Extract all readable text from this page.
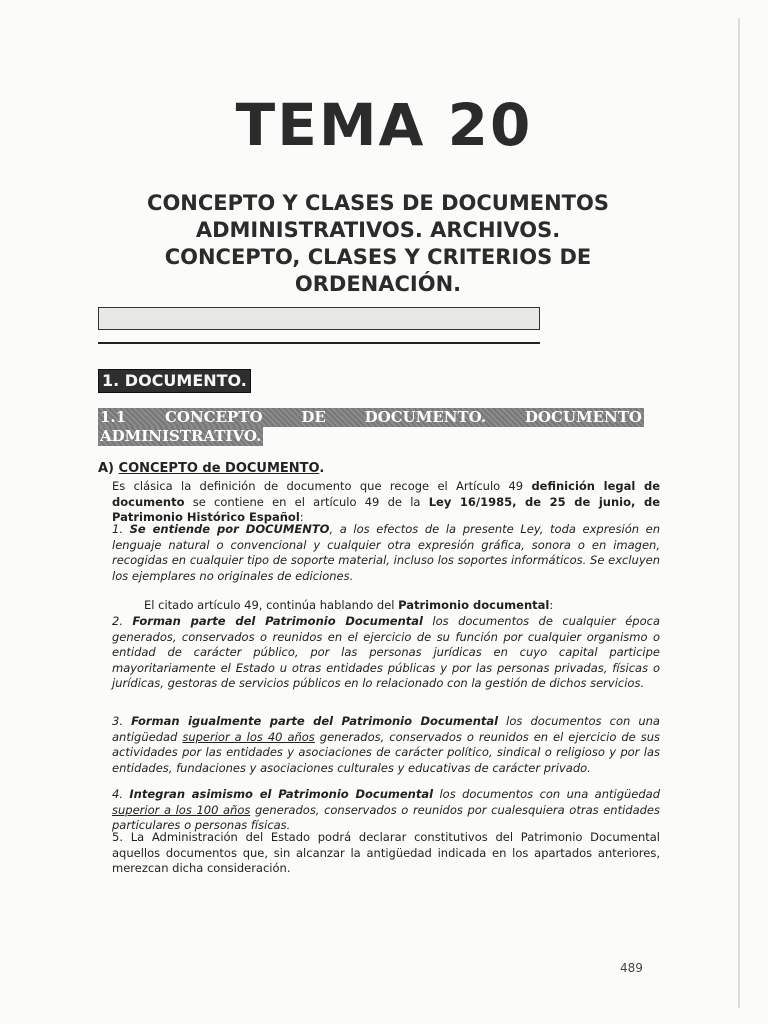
TEMA 20
CONCEPTO Y CLASES DE DOCUMENTOS
ADMINISTRATIVOS. ARCHIVOS.
CONCEPTO, CLASES Y CRITERIOS DE
ORDENACIÓN.
1. DOCUMENTO.
1.1	CONCEPTO	DE	DOCUMENTO.	DOCUMENTO
ADMINISTRATIVO.
A) CONCEPTO de DOCUMENTO.
Es clásica la definición de documento que recoge el Artículo 49 definición legal de documento se contiene en el artículo 49 de la Ley 16/1985, de 25 de junio, de Patrimonio Histórico Español:
1. Se entiende por DOCUMENTO, a los efectos de la presente Ley, toda expresión en lenguaje natural o convencional y cualquier otra expresión gráfica, sonora o en imagen, recogidas en cualquier tipo de soporte material, incluso los soportes informáticos. Se excluyen los ejemplares no originales de ediciones.
El citado artículo 49, continúa hablando del Patrimonio documental:
2. Forman parte del Patrimonio Documental los documentos de cualquier época generados, conservados o reunidos en el ejercicio de su función por cualquier organismo o entidad de carácter público, por las personas jurídicas en cuyo capital participe mayoritariamente el Estado u otras entidades públicas y por las personas privadas, físicas o jurídicas, gestoras de servicios públicos en lo relacionado con la gestión de dichos servicios.
3. Forman igualmente parte del Patrimonio Documental los documentos con una antigüedad superior a los 40 años generados, conservados o reunidos en el ejercicio de sus actividades por las entidades y asociaciones de carácter político, sindical o religioso y por las entidades, fundaciones y asociaciones culturales y educativas de carácter privado.
4. Integran asimismo el Patrimonio Documental los documentos con una antigüedad superior a los 100 años generados, conservados o reunidos por cualesquiera otras entidades particulares o personas físicas.
5. La Administración del Estado podrá declarar constitutivos del Patrimonio Documental aquellos documentos que, sin alcanzar la antigüedad indicada en los apartados anteriores, merezcan dicha consideración.
489
